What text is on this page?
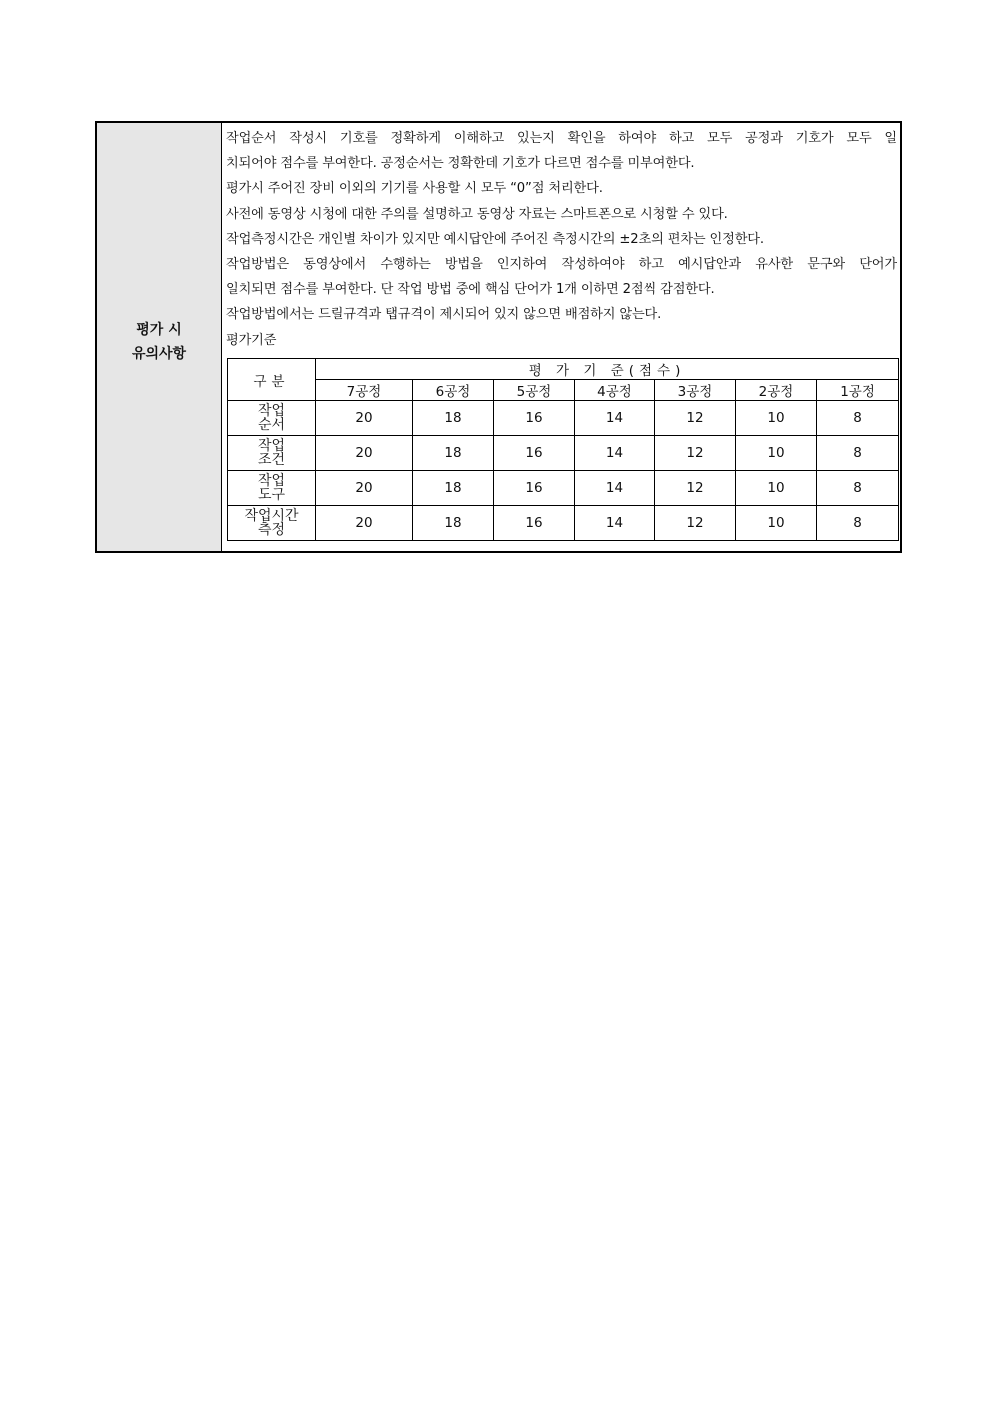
평가 시
유의사항
작업순서 작성시 기호를 정확하게 이해하고 있는지 확인을 하여야 하고 모두 공정과 기호가 모두 일
치되어야 점수를 부여한다. 공정순서는 정확한데 기호가 다르면 점수를 미부여한다.
평가시 주어진 장비 이외의 기기를 사용할 시 모두 “0”점 처리한다.
사전에 동영상 시청에 대한 주의를 설명하고 동영상 자료는 스마트폰으로 시청할 수 있다.
작업측정시간은 개인별 차이가 있지만 예시답안에 주어진 측정시간의 ±2초의 편차는 인정한다.
작업방법은 동영상에서 수행하는 방법을 인지하여 작성하여야 하고 예시답안과 유사한 문구와 단어가
일치되면 점수를 부여한다. 단 작업 방법 중에 핵심 단어가 1개 이하면 2점씩 감점한다.
작업방법에서는 드릴규격과 탭규격이 제시되어 있지 않으면 배점하지 않는다.
평가기준
구분	평 가 기 준(점수)						
	7공정	6공정	5공정	4공정	3공정	2공정	1공정
작업
순서	20	18	16	14	12	10	8
작업
조건	20	18	16	14	12	10	8
작업
도구	20	18	16	14	12	10	8
작업시간
측정	20	18	16	14	12	10	8
